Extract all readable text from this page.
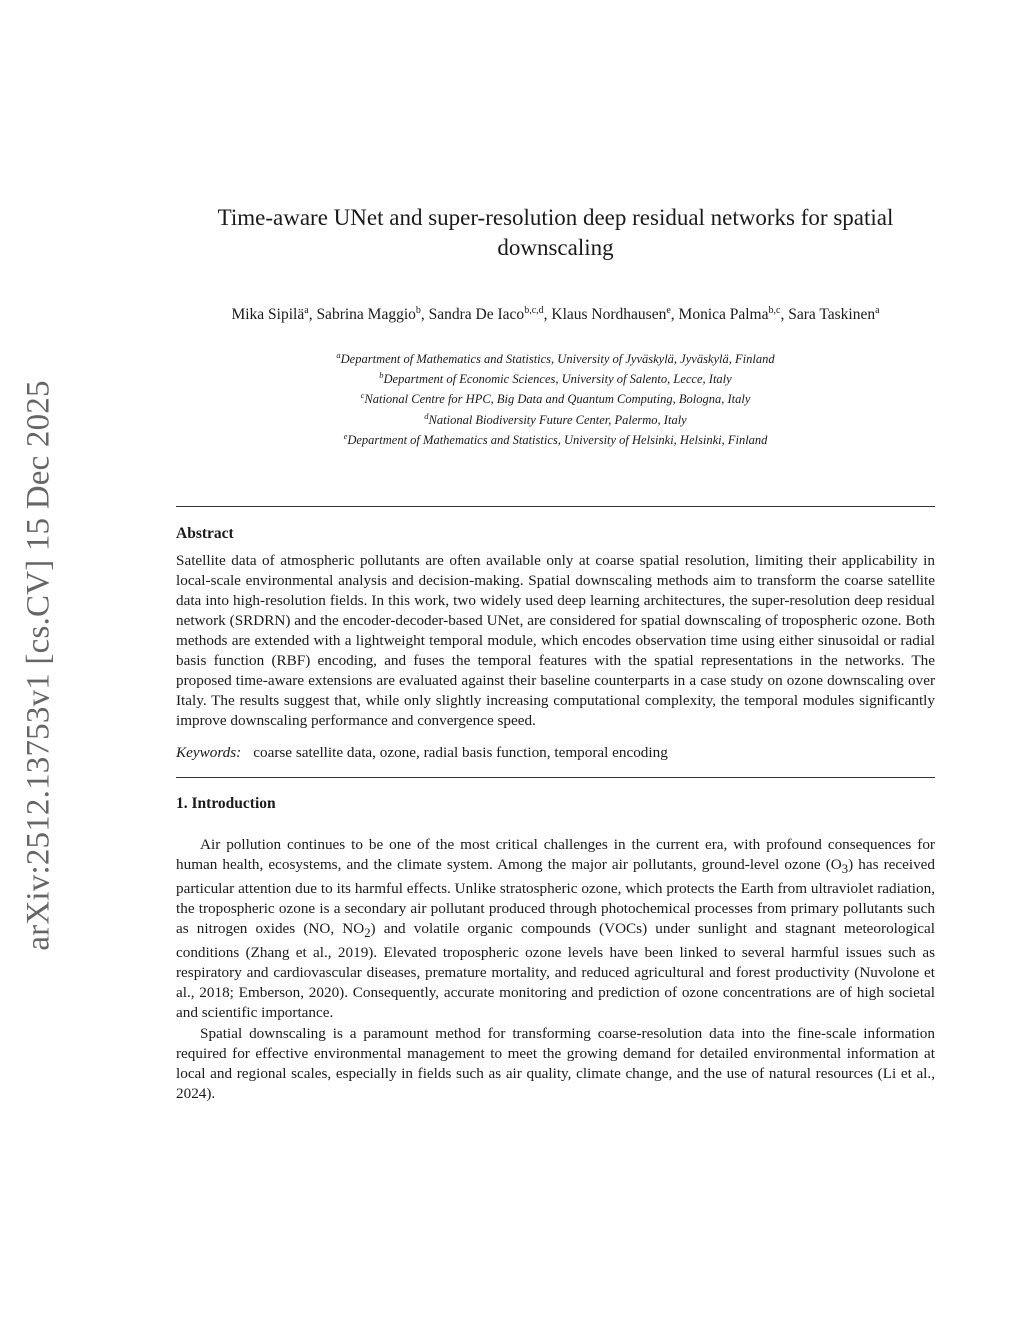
arXiv:2512.13753v1 [cs.CV] 15 Dec 2025
Time-aware UNet and super-resolution deep residual networks for spatial downscaling
Mika Sipilä$^a$, Sabrina Maggio$^b$, Sandra De Iaco$^{b,c,d}$, Klaus Nordhausen$^e$, Monica Palma$^{b,c}$, Sara Taskinen$^a$
$^a$Department of Mathematics and Statistics, University of Jyväskylä, Jyväskylä, Finland
$^b$Department of Economic Sciences, University of Salento, Lecce, Italy
$^c$National Centre for HPC, Big Data and Quantum Computing, Bologna, Italy
$^d$National Biodiversity Future Center, Palermo, Italy
$^e$Department of Mathematics and Statistics, University of Helsinki, Helsinki, Finland
Abstract

Satellite data of atmospheric pollutants are often available only at coarse spatial resolution, limiting their applicability in local-scale environmental analysis and decision-making. Spatial downscaling methods aim to transform the coarse satellite data into high-resolution fields. In this work, two widely used deep learning architectures, the super-resolution deep residual network (SRDRN) and the encoder-decoder-based UNet, are considered for spatial downscaling of tropospheric ozone. Both methods are extended with a lightweight temporal module, which encodes observation time using either sinusoidal or radial basis function (RBF) encoding, and fuses the temporal features with the spatial representations in the networks. The proposed time-aware extensions are evaluated against their baseline counterparts in a case study on ozone downscaling over Italy. The results suggest that, while only slightly increasing computational complexity, the temporal modules significantly improve downscaling performance and convergence speed.

Keywords: coarse satellite data, ozone, radial basis function, temporal encoding
1. Introduction

Air pollution continues to be one of the most critical challenges in the current era, with profound consequences for human health, ecosystems, and the climate system. Among the major air pollutants, ground-level ozone $(O_3)$ has received particular attention due to its harmful effects. Unlike stratospheric ozone, which protects the Earth from ultraviolet radiation, the tropospheric ozone is a secondary air pollutant produced through photochemical processes from primary pollutants such as nitrogen oxides (NO, $NO_2$) and volatile organic compounds (VOCs) under sunlight and stagnant meteorological conditions (Zhang et al., 2019). Elevated tropospheric ozone levels have been linked to several harmful issues such as respiratory and cardiovascular diseases, premature mortality, and reduced agricultural and forest productivity (Nuvolone et al., 2018; Emberson, 2020). Consequently, accurate monitoring and prediction of ozone concentrations are of high societal and scientific importance.

Spatial downscaling is a paramount method for transforming coarse-resolution data into the fine-scale information required for effective environmental management to meet the growing demand for detailed environmental information at local and regional scales, especially in fields such as air quality, climate change, and the use of natural resources (Li et al., 2024).
